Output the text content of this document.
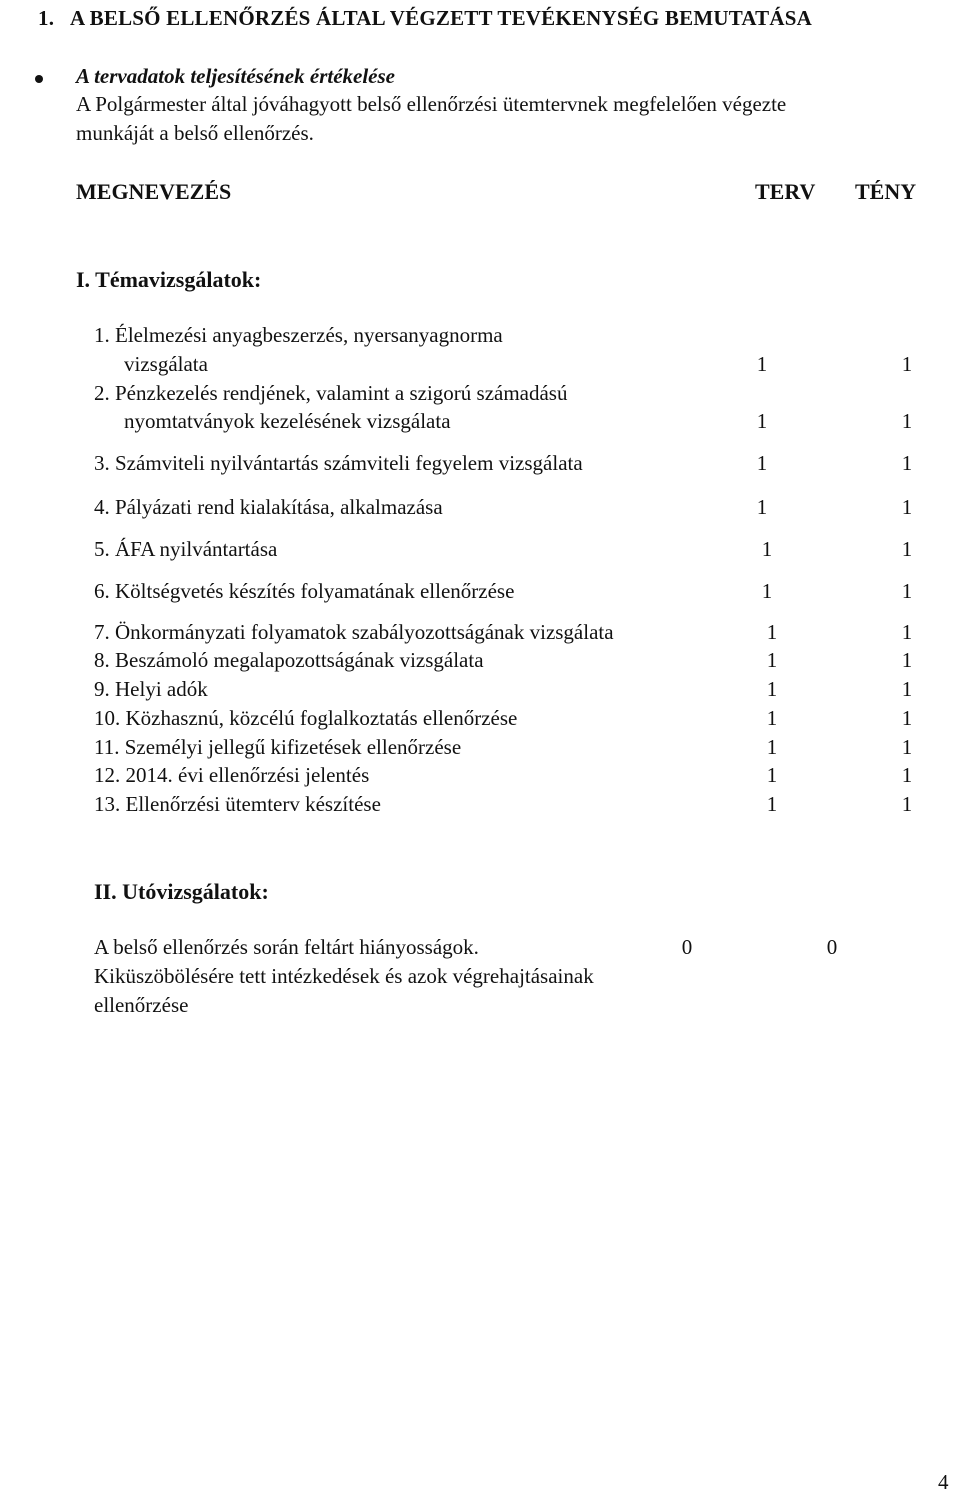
1. A BELSŐ ELLENŐRZÉS ÁLTAL VÉGZETT TEVÉKENYSÉG BEMUTATÁSA
A tervadatok teljesítésének értékelése
A Polgármester által jóváhagyott belső ellenőrzési ütemtervnek megfelelően végezte
munkáját a belső ellenőrzés.
MEGNEVEZÉS	TERV TÉNY
I. Témavizsgálatok:
1. Élelmezési anyagbeszerzés, nyersanyagnorma
vizsgálata	1	1
2. Pénzkezelés rendjének, valamint a szigorú számadású
nyomtatványok kezelésének vizsgálata	1	1
3. Számviteli nyilvántartás számviteli fegyelem vizsgálata	1	1
4. Pályázati rend kialakítása, alkalmazása	1	1
5. ÁFA nyilvántartása	1	1
6. Költségvetés készítés folyamatának ellenőrzése	1	1
7. Önkormányzati folyamatok szabályozottságának vizsgálata	1	1
8. Beszámoló megalapozottságának vizsgálata	1	1
9. Helyi adók	1	1
10. Közhasznú, közcélú foglalkoztatás ellenőrzése	1	1
11. Személyi jellegű kifizetések ellenőrzése	1	1
12. 2014. évi ellenőrzési jelentés	1	1
13. Ellenőrzési ütemterv készítése	1	1
II. Utóvizsgálatok:
A belső ellenőrzés során feltárt hiányosságok.	0	0
Kiküszöbölésére tett intézkedések és azok végrehajtásainak
ellenőrzése
4
